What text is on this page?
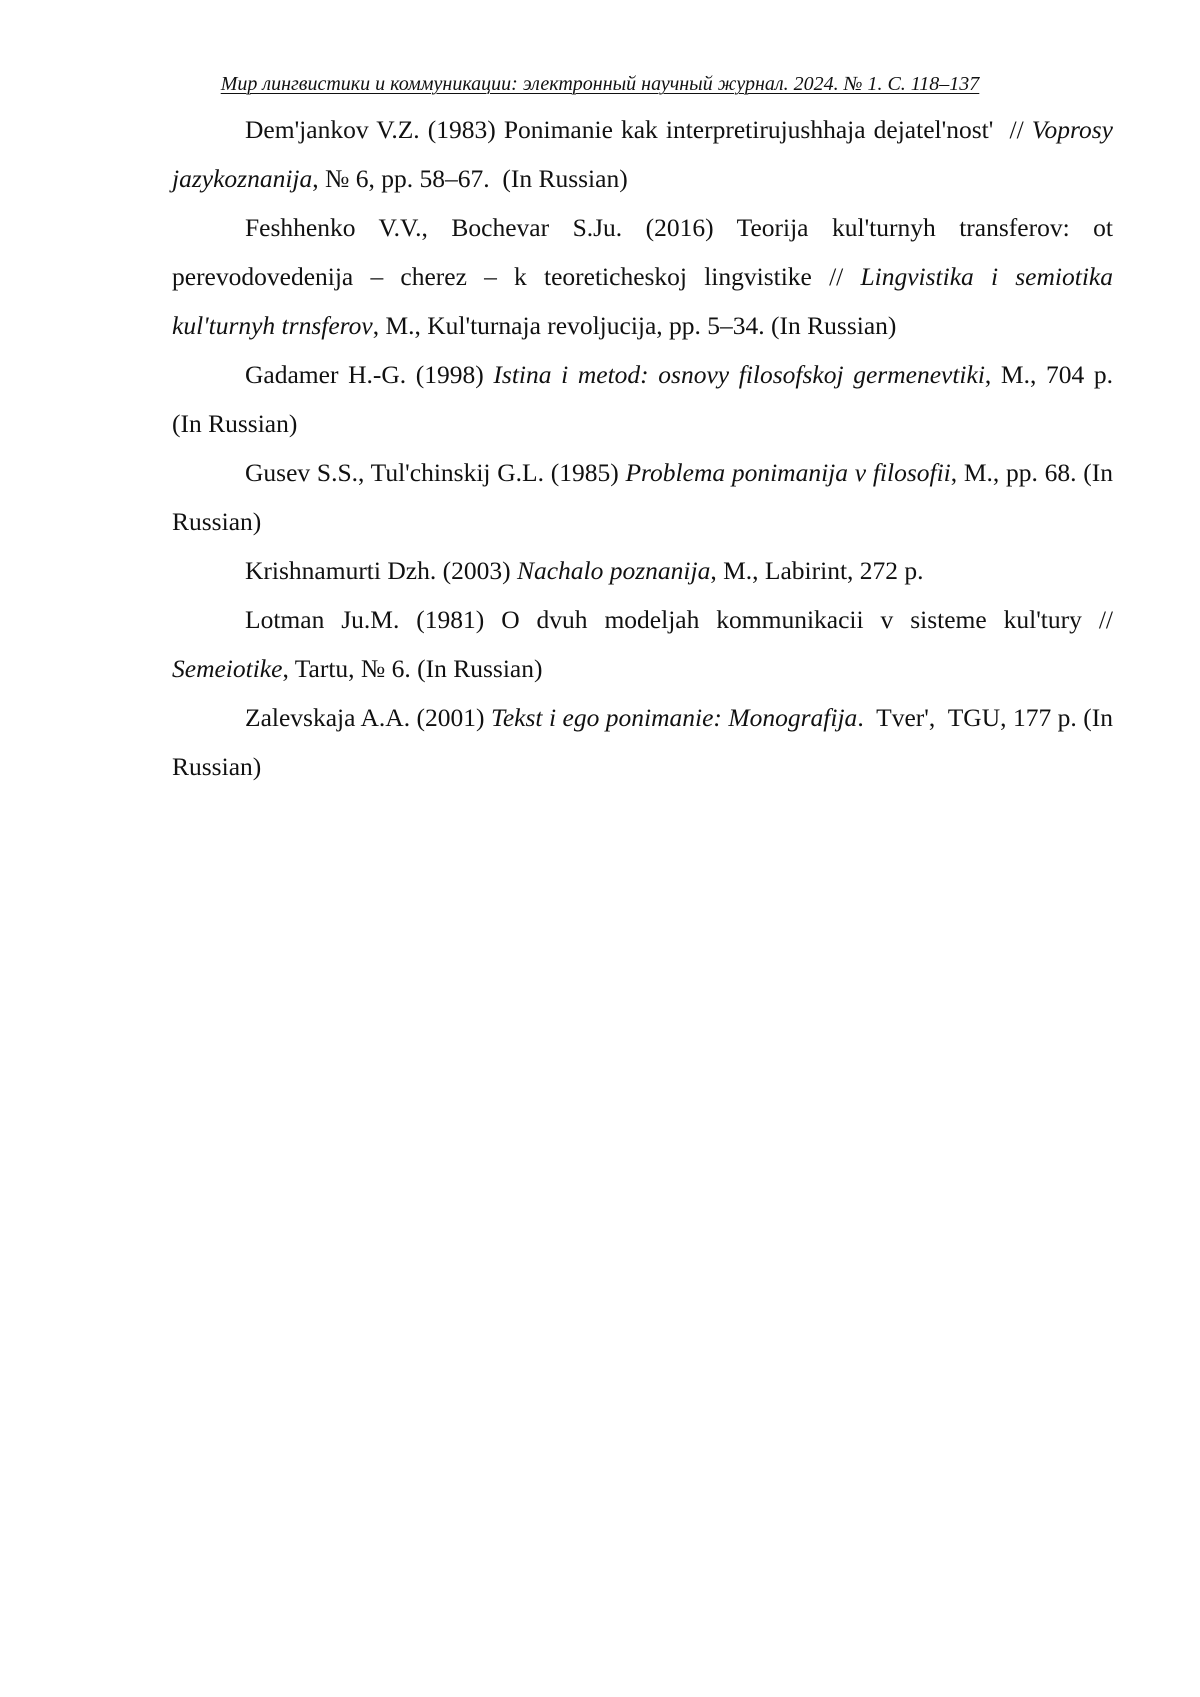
Мир лингвистики и коммуникации: электронный научный журнал. 2024. № 1. С. 118–137

Dem'jankov V.Z. (1983) Ponimanie kak interpretirujushhaja dejatel'nost'  // Voprosy jazykoznanija, № 6, pp. 58–67.  (In Russian)

Feshhenko V.V., Bochevar S.Ju. (2016) Teorija kul'turnyh transferov: ot perevodovedenija – cherez – k teoreticheskoj lingvistike // Lingvistika i semiotika kul'turnyh trnsferov, M., Kul'turnaja revoljucija, pp. 5–34. (In Russian)

Gadamer H.-G. (1998) Istina i metod: osnovy filosofskoj germenevtiki, M., 704 p. (In Russian)

Gusev S.S., Tul'chinskij G.L. (1985) Problema ponimanija v filosofii, M., pp. 68. (In Russian)

Krishnamurti Dzh. (2003) Nachalo poznanija, M., Labirint, 272 p.

Lotman Ju.M. (1981) O dvuh modeljah kommunikacii v sisteme kul'tury // Semeiotike, Tartu, № 6. (In Russian)

Zalevskaja A.A. (2001) Tekst i ego ponimanie: Monografija.  Tver',  TGU, 177 p. (In Russian)
